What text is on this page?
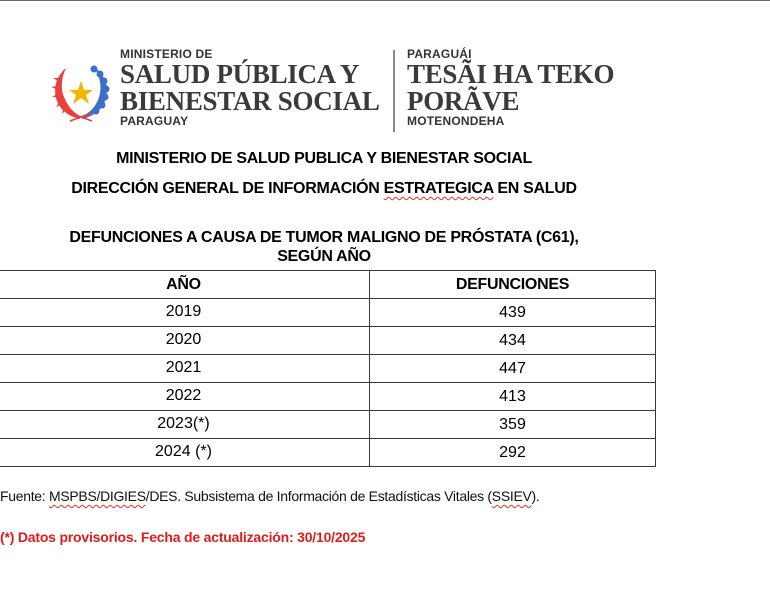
MINISTERIO DE
SALUD PÚBLICA Y
BIENESTAR SOCIAL
PARAGUAY
PARAGUÁI
TESÃI HA TEKO
PORÃVE
MOTENONDEHA
MINISTERIO DE SALUD PUBLICA Y BIENESTAR SOCIAL
DIRECCIÓN GENERAL DE INFORMACIÓN ESTRATEGICA EN SALUD
DEFUNCIONES A CAUSA DE TUMOR MALIGNO DE PRÓSTATA (C61),
SEGÚN AÑO
AÑO	DEFUNCIONES
2019	439
2020	434
2021	447
2022	413
2023(*)	359
2024 (*)	292
Fuente: MSPBS/DIGIES/DES. Subsistema de Información de Estadísticas Vitales (SSIEV).
(*) Datos provisorios. Fecha de actualización: 30/10/2025
